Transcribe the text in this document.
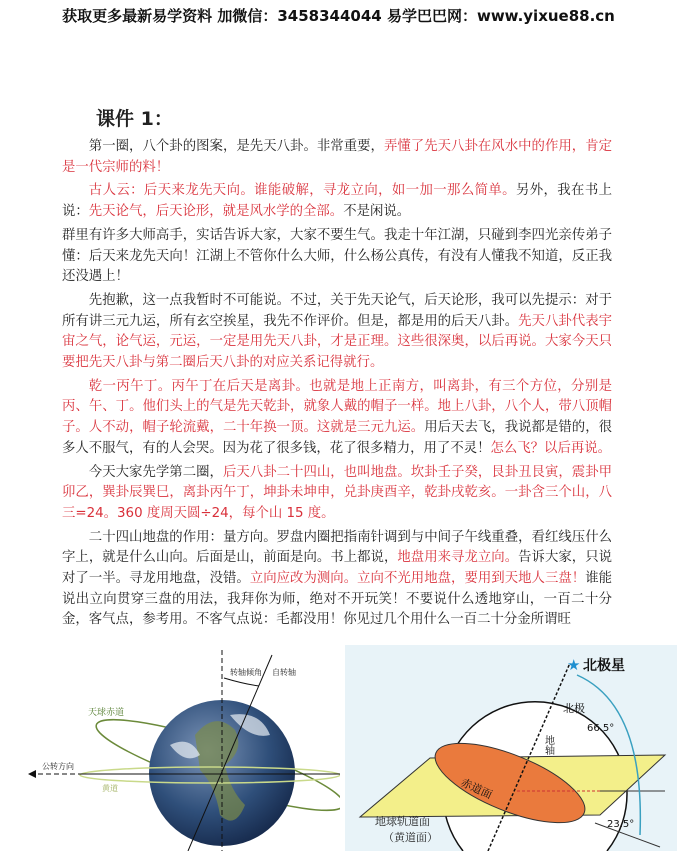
获取更多最新易学资料 加微信：3458344044 易学巴巴网：www.yixue88.cn
课件 1：

第一圈，八个卦的图案，是先天八卦。非常重要，弄懂了先天八卦在风水中的作用，肯定是一代宗师的料！

古人云：后天来龙先天向。谁能破解，寻龙立向，如一加一那么简单。另外，我在书上说：先天论气，后天论形，就是风水学的全部。不是闲说。

群里有许多大师高手，实话告诉大家，大家不要生气。我走十年江湖，只碰到李四光亲传弟子懂：后天来龙先天向！江湖上不管你什么大师，什么杨公真传，有没有人懂我不知道，反正我还没遇上！

先抱歉，这一点我暂时不可能说。不过，关于先天论气，后天论形，我可以先提示：对于所有讲三元九运，所有玄空挨星，我先不作评价。但是，都是用的后天八卦。先天八卦代表宇宙之气，论气运，元运，一定是用先天八卦，才是正理。这些很深奥，以后再说。大家今天只要把先天八卦与第二圈后天八卦的对应关系记得就行。

乾一丙午丁。丙午丁在后天是离卦。也就是地上正南方，叫离卦，有三个方位，分别是丙、午、丁。他们头上的气是先天乾卦，就象人戴的帽子一样。地上八卦，八个人，带八顶帽子。人不动，帽子轮流戴，二十年换一顶。这就是三元九运。用后天去飞，我说都是错的，很多人不服气，有的人会哭。因为花了很多钱，花了很多精力，用了不灵！怎么飞？以后再说。

今天大家先学第二圈，后天八卦二十四山，也叫地盘。坎卦壬子癸，艮卦丑艮寅，震卦甲卯乙，巽卦辰巽巳，离卦丙午丁，坤卦未坤申，兑卦庚酉辛，乾卦戌乾亥。一卦含三个山，八三=24。360 度周天圆÷24，每个山 15 度。

二十四山地盘的作用：量方向。罗盘内圈把指南针调到与中间子午线重叠，看红线压什么字上，就是什么山向。后面是山，前面是向。书上都说，地盘用来寻龙立向。告诉大家，只说对了一半。寻龙用地盘，没错。立向应改为测向。立向不光用地盘，要用到天地人三盘！谁能说出立向贯穿三盘的用法，我拜你为师，绝对不开玩笑！不要说什么透地穿山，一百二十分金，客气点，参考用。不客气点说：毛都没用！你见过几个用什么一百二十分金所谓旺

转轴倾角 自转轴
天球赤道
公转方向
黄道
★ 北极星
北极
66.5°
地轴
赤道面
地球轨道面
（黄道面）
23.5°
